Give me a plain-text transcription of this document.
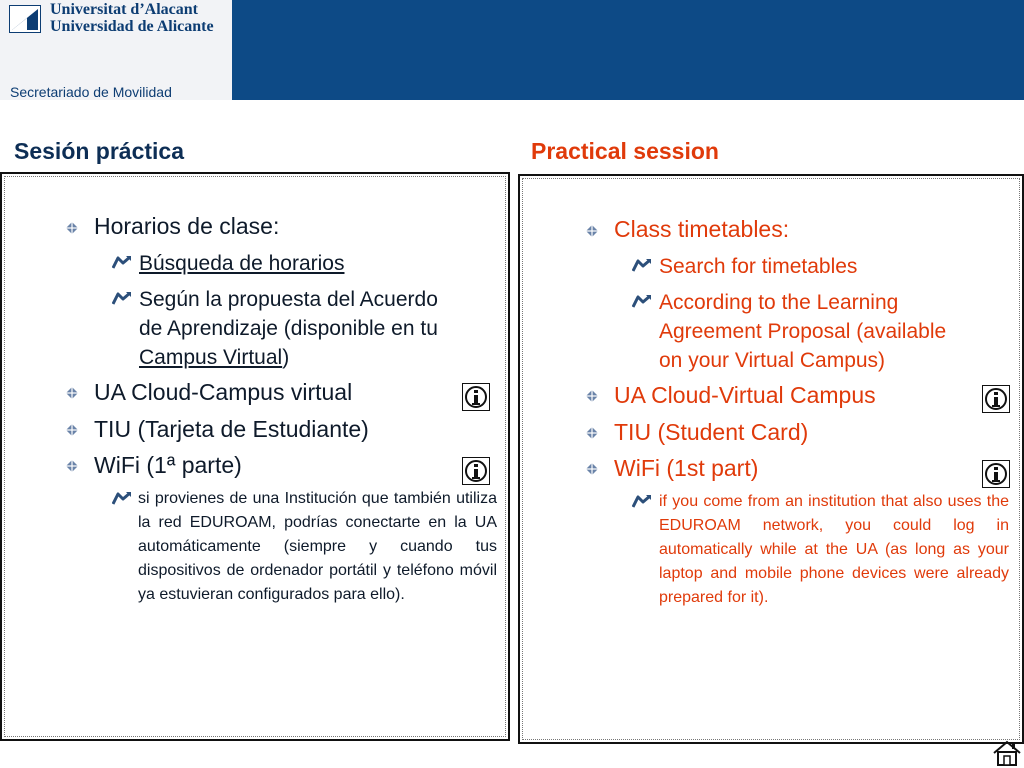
Universitat d’Alacant
Universidad de Alicante
Secretariado de Movilidad
Sesión práctica	Practical session
Horarios de clase:
Búsqueda de horarios
Según la propuesta del Acuerdo
de Aprendizaje (disponible en tu
Campus Virtual)
UA Cloud-Campus virtual
TIU (Tarjeta de Estudiante)
WiFi (1ª parte)
si provienes de una Institución que también utiliza la red EDUROAM, podrías conectarte en la UA automáticamente (siempre y cuando tus dispositivos de ordenador portátil y teléfono móvil ya estuvieran configurados para ello).
Class timetables:
Search for timetables
According to the Learning
Agreement Proposal (available
on your Virtual Campus)
UA Cloud-Virtual Campus
TIU (Student Card)
WiFi (1st part)
if you come from an institution that also uses the EDUROAM network, you could log in automatically while at the UA (as long as your laptop and mobile phone devices were already prepared for it).
